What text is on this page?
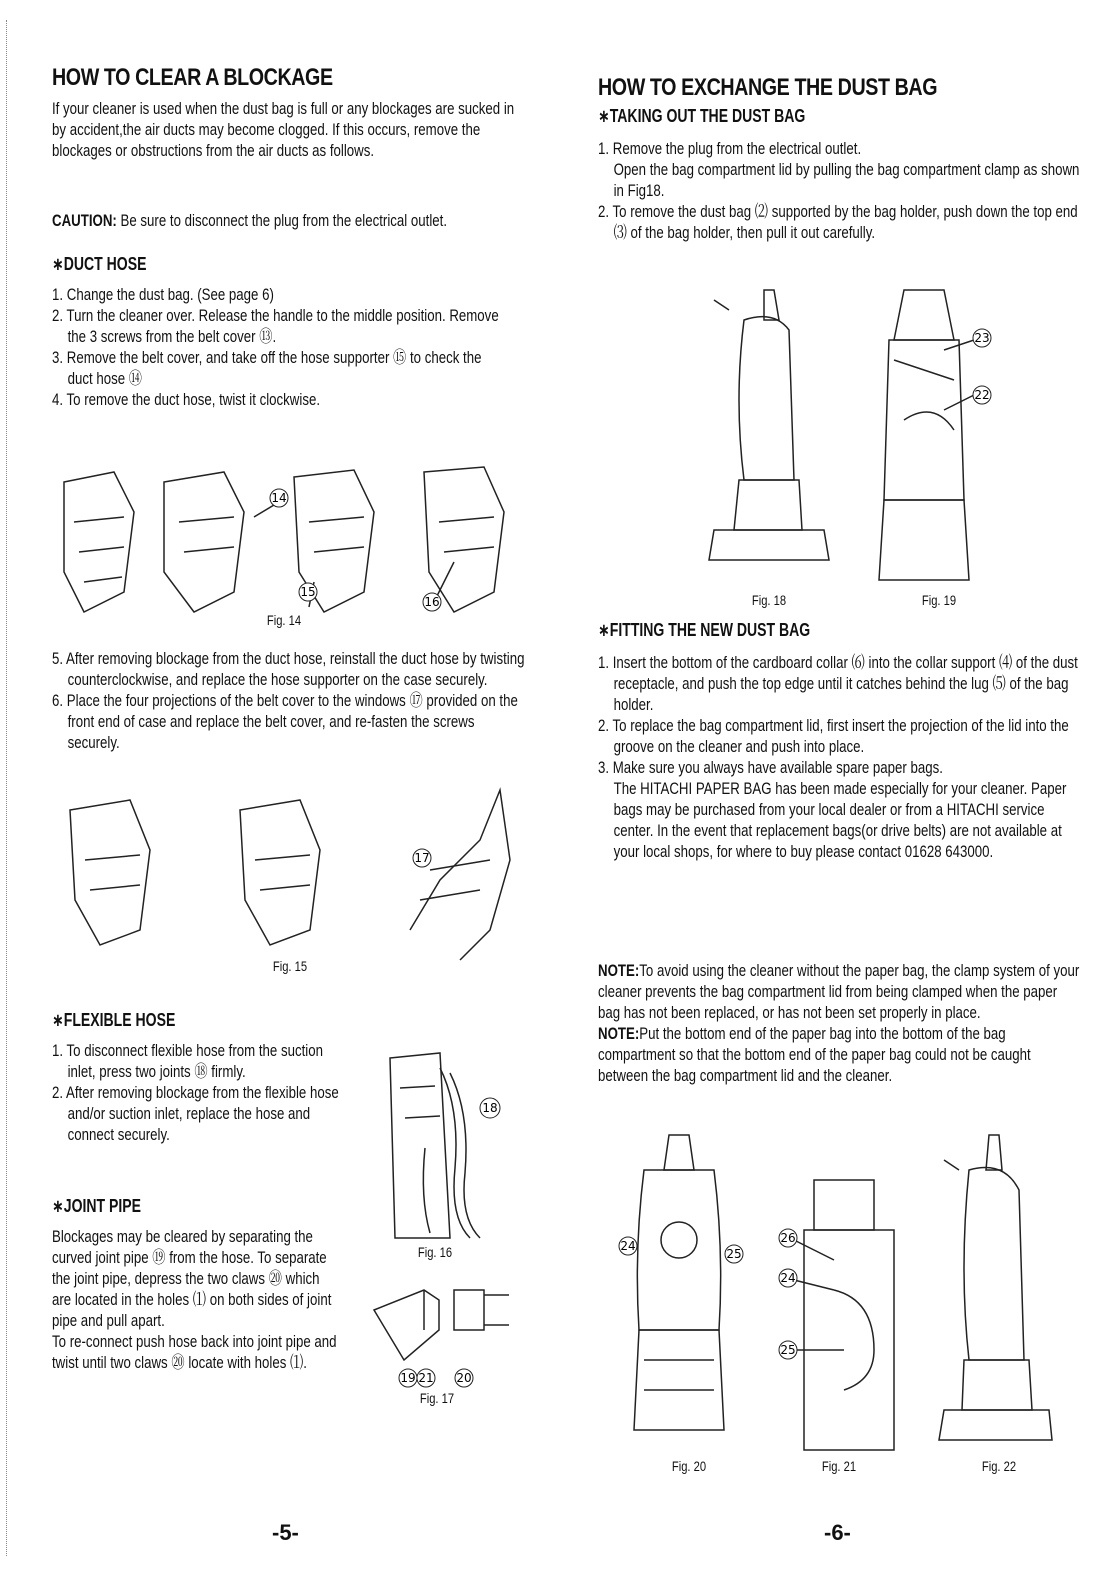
HOW TO CLEAR A BLOCKAGE

If your cleaner is used when the dust bag is full or any blockages are sucked in by accident,the air ducts may become clogged. If this occurs, remove the blockages or obstructions from the air ducts as follows.

CAUTION: Be sure to disconnect the plug from the electrical outlet.

∗DUCT HOSE

1. Change the dust bag. (See page 6)
2. Turn the cleaner over. Release the handle to the middle position. Remove the 3 screws from the belt cover ⑬.
3. Remove the belt cover, and take off the hose supporter ⑮ to check the duct hose ⑭
4. To remove the duct hose, twist it clockwise.
14
15
16
Fig. 14
5. After removing blockage from the duct hose, reinstall the duct hose by twisting counterclockwise, and replace the hose supporter on the case securely.
6. Place the four projections of the belt cover to the windows ⑰ provided on the front end of case and replace the belt cover, and re-fasten the screws securely.
17
Fig. 15

∗FLEXIBLE HOSE

1. To disconnect flexible hose from the suction inlet, press two joints ⑱ firmly.
2. After removing blockage from the flexible hose and/or suction inlet, replace the hose and connect securely.

∗JOINT PIPE

Blockages may be cleared by separating the curved joint pipe ⑲ from the hose. To separate the joint pipe, depress the two claws ⑳ which are located in the holes ⑴ on both sides of joint pipe and pull apart.

To re-connect push hose back into joint pipe and twist until two claws ⑳ locate with holes ⑴.

18
Fig. 16
19 21 20
Fig. 17
-5-
HOW TO EXCHANGE THE DUST BAG

∗TAKING OUT THE DUST BAG

1. Remove the plug from the electrical outlet.
Open the bag compartment lid by pulling the bag compartment clamp as shown in Fig18.
2. To remove the dust bag ⑵ supported by the bag holder, push down the top end ⑶ of the bag holder, then pull it out carefully.
Fig. 18
23
22
Fig. 19

∗FITTING THE NEW DUST BAG

1. Insert the bottom of the cardboard collar ⑹ into the collar support ⑷ of the dust receptacle, and push the top edge until it catches behind the lug ⑸ of the bag holder.
2. To replace the bag compartment lid, first insert the projection of the lid into the groove on the cleaner and push into place.
3. Make sure you always have available spare paper bags.
The HITACHI PAPER BAG has been made especially for your cleaner. Paper bags may be purchased from your local dealer or from a HITACHI service center. In the event that replacement bags(or drive belts) are not available at your local shops, for where to buy please contact 01628 643000.

NOTE:To avoid using the cleaner without the paper bag, the clamp system of your cleaner prevents the bag compartment lid from being clamped when the paper bag has not been replaced, or has not been set properly in place.

NOTE:Put the bottom end of the paper bag into the bottom of the bag compartment so that the bottom end of the paper bag could not be caught between the bag compartment lid and the cleaner.

24
25
Fig. 20
26
24
25
Fig. 21	Fig. 22
-6-
